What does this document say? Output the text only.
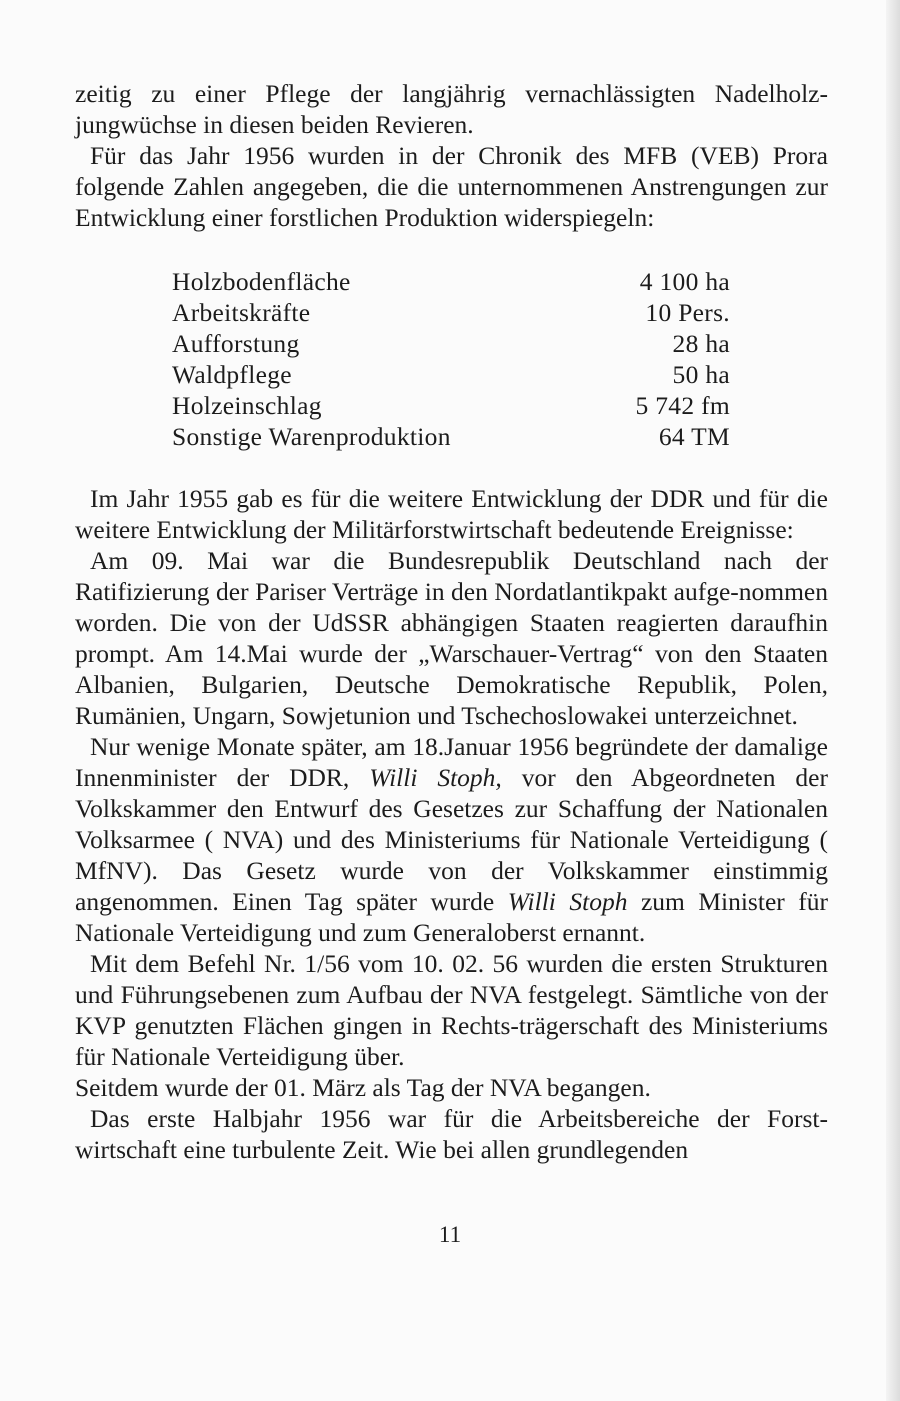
zeitig zu einer Pflege der langjährig vernachlässigten Nadelholz-jungwüchse in diesen beiden Revieren.

Für das Jahr 1956 wurden in der Chronik des MFB (VEB) Prora folgende Zahlen angegeben, die die unternommenen Anstrengungen zur Entwicklung einer forstlichen Produktion widerspiegeln:

Holzbodenfläche	4 100 ha
Arbeitskräfte	10 Pers.
Aufforstung	28 ha
Waldpflege	50 ha
Holzeinschlag	5 742 fm
Sonstige Warenproduktion	64 TM

Im Jahr 1955 gab es für die weitere Entwicklung der DDR und für die weitere Entwicklung der Militärforstwirtschaft bedeutende Ereignisse:

Am 09. Mai war die Bundesrepublik Deutschland nach der Ratifizierung der Pariser Verträge in den Nordatlantikpakt aufge-nommen worden. Die von der UdSSR abhängigen Staaten reagierten daraufhin prompt. Am 14.Mai wurde der „Warschauer-Vertrag“ von den Staaten Albanien, Bulgarien, Deutsche Demokratische Republik, Polen, Rumänien, Ungarn, Sowjetunion und Tschechoslowakei unterzeichnet.

Nur wenige Monate später, am 18.Januar 1956 begründete der damalige Innenminister der DDR, Willi Stoph, vor den Abgeordneten der Volkskammer den Entwurf des Gesetzes zur Schaffung der Nationalen Volksarmee ( NVA) und des Ministeriums für Nationale Verteidigung ( MfNV). Das Gesetz wurde von der Volkskammer einstimmig angenommen. Einen Tag später wurde Willi Stoph zum Minister für Nationale Verteidigung und zum Generaloberst ernannt.

Mit dem Befehl Nr. 1/56 vom 10. 02. 56 wurden die ersten Strukturen und Führungsebenen zum Aufbau der NVA festgelegt. Sämtliche von der KVP genutzten Flächen gingen in Rechts-trägerschaft des Ministeriums für Nationale Verteidigung über.

Seitdem wurde der 01. März als Tag der NVA begangen.

Das erste Halbjahr 1956 war für die Arbeitsbereiche der Forst-wirtschaft eine turbulente Zeit. Wie bei allen grundlegenden

11
